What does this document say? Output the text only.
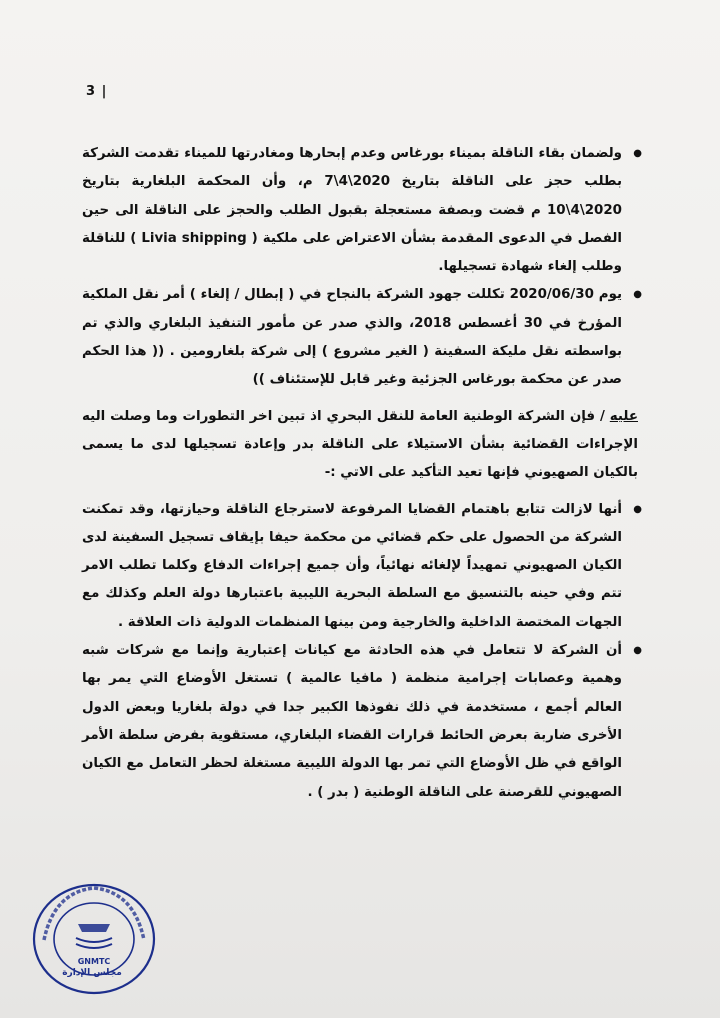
3 |
● ولضمان بقاء الناقلة بميناء بورغاس وعدم إبحارها ومغادرتها للميناء تقدمت الشركة بطلب حجز على الناقلة بتاريخ 2020\4\7 م، وأن المحكمة البلغارية بتاريخ 2020\4\10 م قضت وبصفة مستعجلة بقبول الطلب والحجز على الناقلة الى حين الفصل في الدعوى المقدمة بشأن الاعتراض على ملكية ( Livia shipping ) للناقلة وطلب إلغاء شهادة تسجيلها.
● يوم 2020/06/30 تكللت جهود الشركة بالنجاح في ( إبطال / إلغاء ) أمر نقل الملكية المؤرخ في 30 أغسطس 2018، والذي صدر عن مأمور التنفيذ البلغاري والذي تم بواسطته نقل مليكة السفينة ( الغير مشروع ) إلى شركة بلغارومين . (( هذا الحكم صدر عن محكمة بورغاس الجزئية وغير قابل للإستئناف ))

عليه / فإن الشركة الوطنية العامة للنقل البحري اذ تبين اخر التطورات وما وصلت اليه الإجراءات القضائية بشأن الاستيلاء على الناقلة بدر وإعادة تسجيلها لدى ما يسمى بالكيان الصهيوني فإنها تعيد التأكيد على الاتي :-

● أنها لازالت تتابع باهتمام القضايا المرفوعة لاسترجاع الناقلة وحيازتها، وقد تمكنت الشركة من الحصول على حكم قضائي من محكمة حيفا بإيقاف تسجيل السفينة لدى الكيان الصهيوني تمهيداً لإلغائه نهائياً، وأن جميع إجراءات الدفاع وكلما تطلب الامر تتم وفي حينه بالتنسيق مع السلطة البحرية الليبية باعتبارها دولة العلم وكذلك مع الجهات المختصة الداخلية والخارجية ومن بينها المنظمات الدولية ذات العلاقة .
● أن الشركة لا تتعامل في هذه الحادثة مع كيانات إعتبارية وإنما مع شركات شبه وهمية وعصابات إجرامية منظمة ( مافيا عالمية ) تستغل الأوضاع التي يمر بها العالم أجمع ، مستخدمة في ذلك نفوذها الكبير جدا في دولة بلغاريا وبعض الدول الأخرى ضاربة بعرض الحائط قرارات القضاء البلغاري، مستقوية بفرض سلطة الأمر الواقع في ظل الأوضاع التي تمر بها الدولة الليبية مستغلة لحظر التعامل مع الكيان الصهيوني للقرصنة على الناقلة الوطنية ( بدر ) .
GNMTC
مجلس الإدارة
